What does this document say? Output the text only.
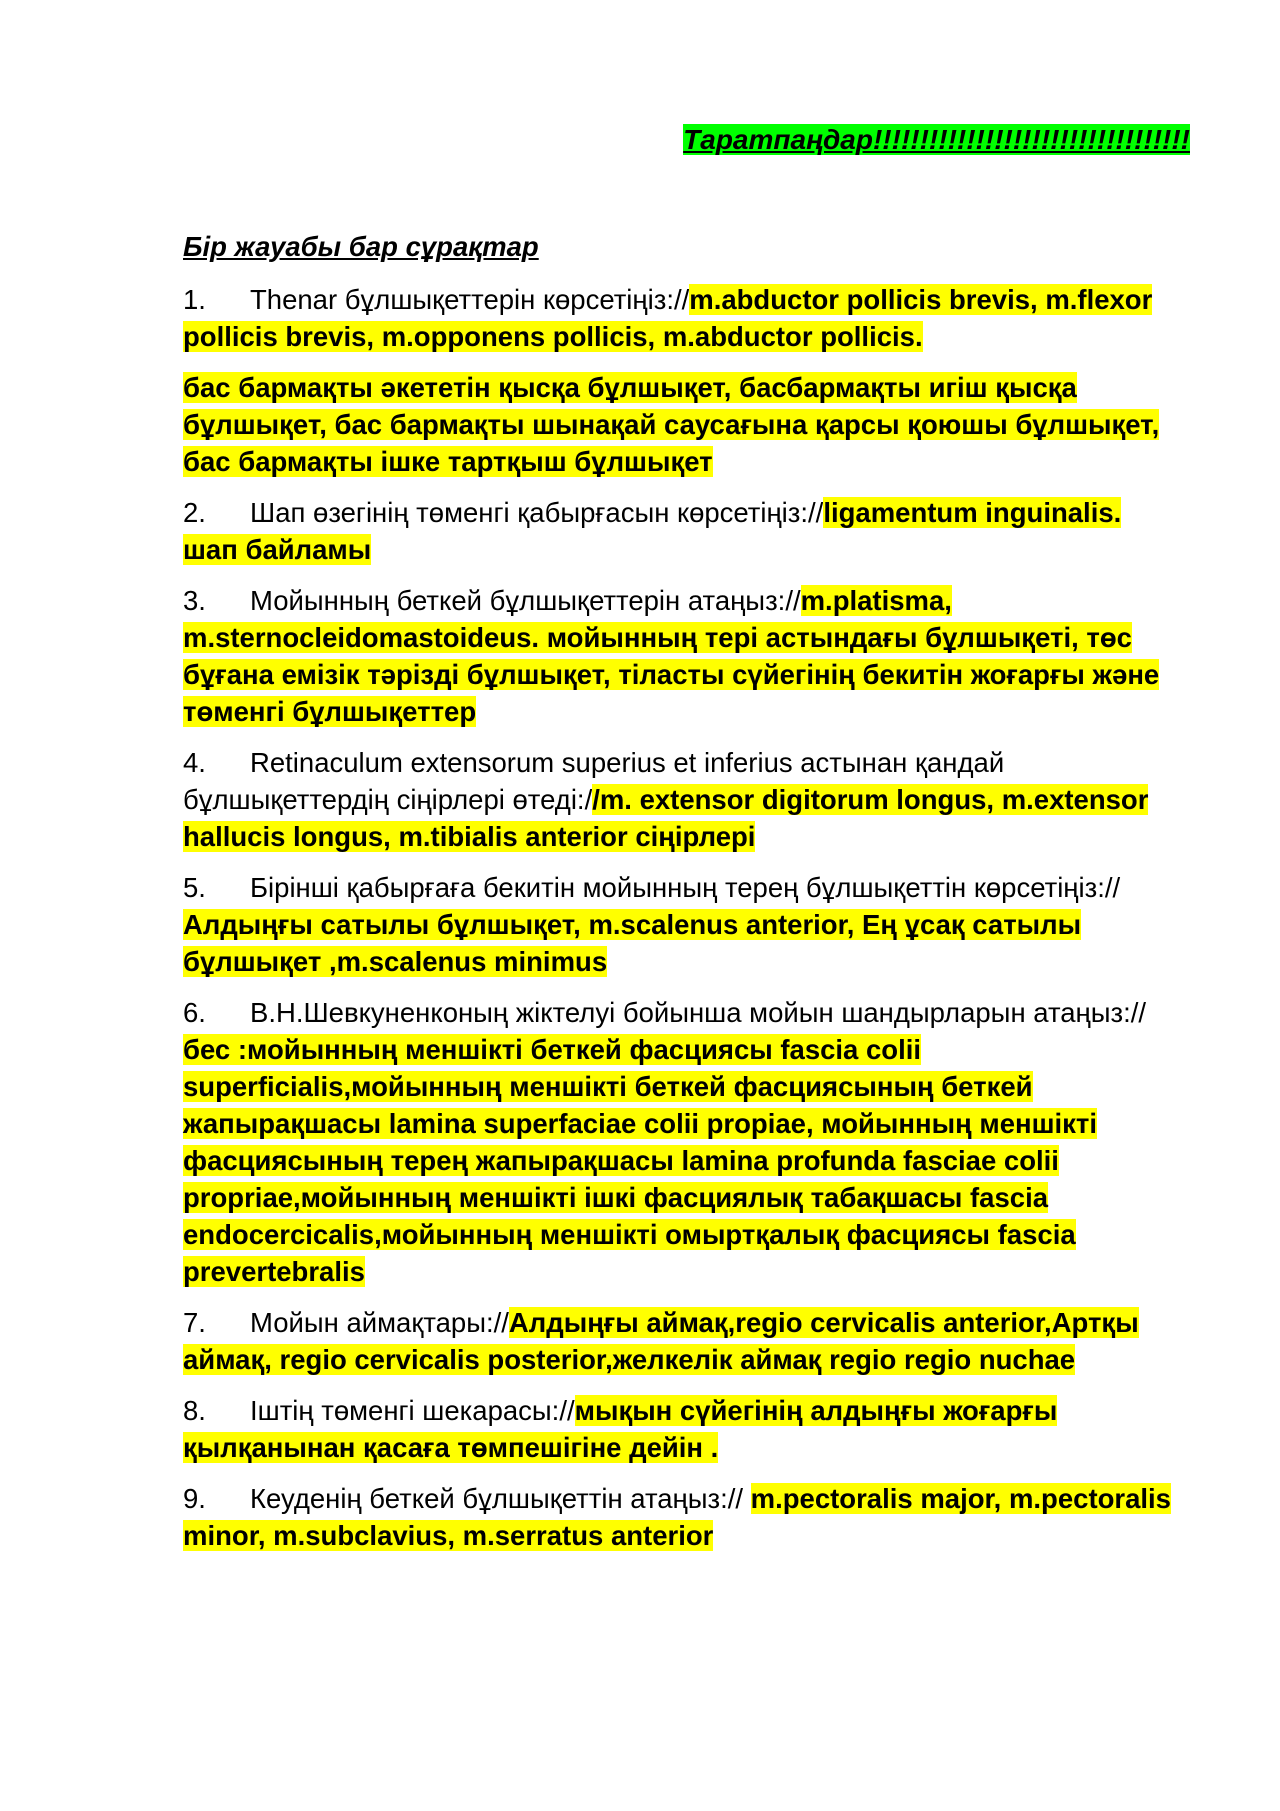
Таратпаңдар!!!!!!!!!!!!!!!!!!!!!!!!!!!!!!!!!!
Бір жауабы бар сұрақтар
1. Thenar бұлшықеттерін көрсетіңіз://m.abductor pollicis brevis, m.flexor pollicis brevis, m.opponens pollicis, m.abductor pollicis.
бас бармақты әкететін қысқа бұлшықет, басбармақты игіш қысқа бұлшықет, бас бармақты шынақай саусағына қарсы қоюшы бұлшықет, бас бармақты ішке тартқыш бұлшықет
2. Шап өзегінің төменгі қабырғасын көрсетіңіз://ligamentum inguinalis. шап байламы
3. Мойынның беткей бұлшықеттерін атаңыз://m.platisma, m.sternocleidomastoideus. мойынның тері астындағы бұлшықеті, төс бұғана емізік тәрізді бұлшықет, тіласты сүйегінің бекитін жоғарғы және төменгі бұлшықеттер
4. Retinaculum extensorum superius et inferius астынан қандай бұлшықеттердің сіңірлері өтеді://m. extensor digitorum longus, m.extensor hallucis longus, m.tibialis anterior сіңірлері
5. Бірінші қабырғаға бекитін мойынның терең бұлшықеттін көрсетіңіз://Алдыңғы сатылы бұлшықет, m.scalenus anterior, Ең ұсақ сатылы бұлшықет ,m.scalenus minimus
6. В.Н.Шевкуненконың жіктелуі бойынша мойын шандырларын атаңыз://бес :мойынның меншікті беткей фасциясы fascia colii superficialis,мойынның меншікті беткей фасциясының беткей жапырақшасы lamina superfaciae colii propiae, мойынның меншікті фасциясының терең жапырақшасы lamina profunda fasciae colii propriae,мойынның меншікті ішкі фасциялық табақшасы fascia endocercicalis,мойынның меншікті омыртқалық фасциясы fascia prevertebralis
7. Мойын аймақтары://Алдыңғы аймақ,regio cervicalis anterior,Артқы аймақ, regio cervicalis posterior,желкелік аймақ regio regio nuchae
8. Іштің төменгі шекарасы://мықын сүйегінің алдыңғы жоғарғы қылқанынан қасаға төмпешігіне дейін .
9. Кеуденің беткей бұлшықеттін атаңыз:// m.pectoralis major, m.pectoralis minor, m.subclavius, m.serratus anterior
